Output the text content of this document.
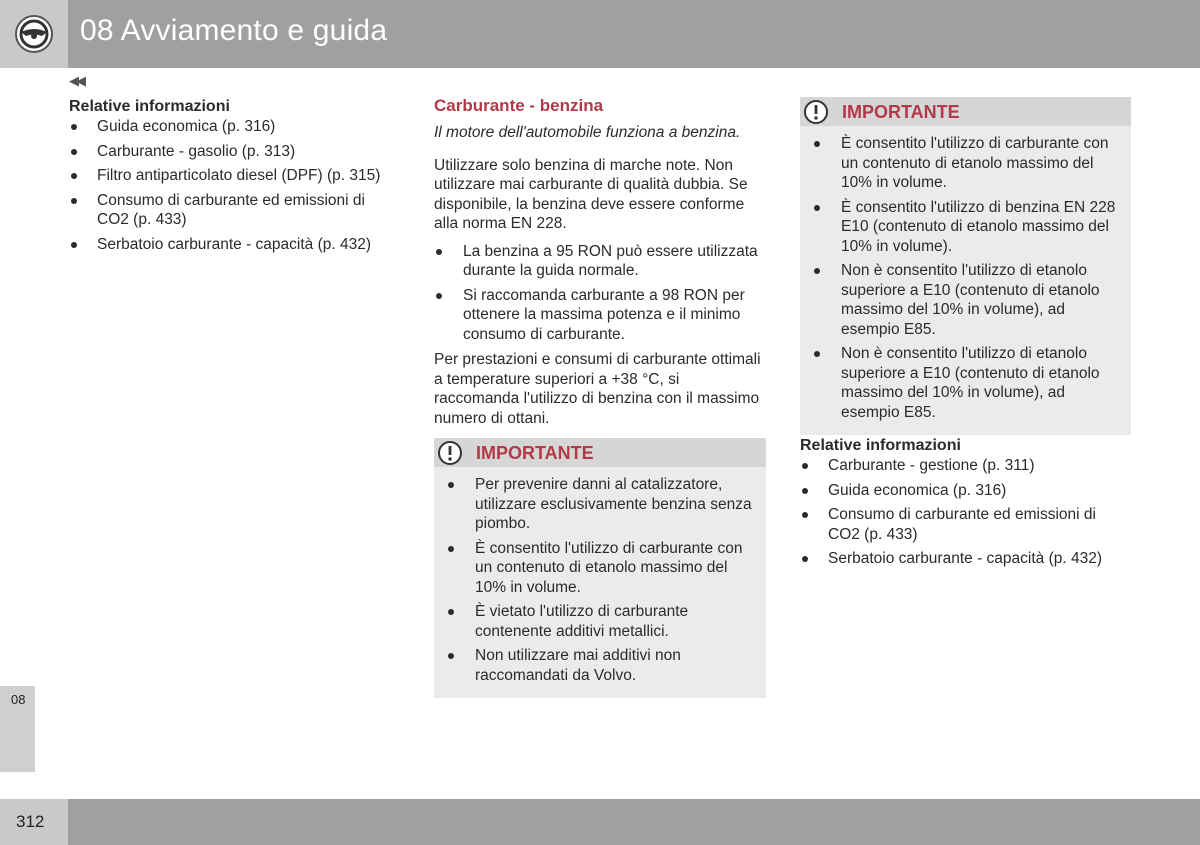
08 Avviamento e guida
◀◀
Relative informazioni
Guida economica (p. 316)
Carburante - gasolio (p. 313)
Filtro antiparticolato diesel (DPF) (p. 315)
Consumo di carburante ed emissioni di CO2 (p. 433)
Serbatoio carburante - capacità (p. 432)
Carburante - benzina

Il motore dell'automobile funziona a benzina.

Utilizzare solo benzina di marche note. Non utilizzare mai carburante di qualità dubbia. Se disponibile, la benzina deve essere conforme alla norma EN 228.

La benzina a 95 RON può essere utilizzata durante la guida normale.
Si raccomanda carburante a 98 RON per ottenere la massima potenza e il minimo consumo di carburante.

Per prestazioni e consumi di carburante ottimali a temperature superiori a +38 °C, si raccomanda l'utilizzo di benzina con il massimo numero di ottani.

IMPORTANTE
Per prevenire danni al catalizzatore, utilizzare esclusivamente benzina senza piombo.
È consentito l'utilizzo di carburante con un contenuto di etanolo massimo del 10% in volume.
È vietato l'utilizzo di carburante contenente additivi metallici.
Non utilizzare mai additivi non raccomandati da Volvo.
IMPORTANTE
È consentito l'utilizzo di carburante con un contenuto di etanolo massimo del 10% in volume.
È consentito l'utilizzo di benzina EN 228 E10 (contenuto di etanolo massimo del 10% in volume).
Non è consentito l'utilizzo di etanolo superiore a E10 (contenuto di etanolo massimo del 10% in volume), ad esempio E85.
Non è consentito l'utilizzo di etanolo superiore a E10 (contenuto di etanolo massimo del 10% in volume), ad esempio E85.
Relative informazioni
Carburante - gestione (p. 311)
Guida economica (p. 316)
Consumo di carburante ed emissioni di CO2 (p. 433)
Serbatoio carburante - capacità (p. 432)
08
312
